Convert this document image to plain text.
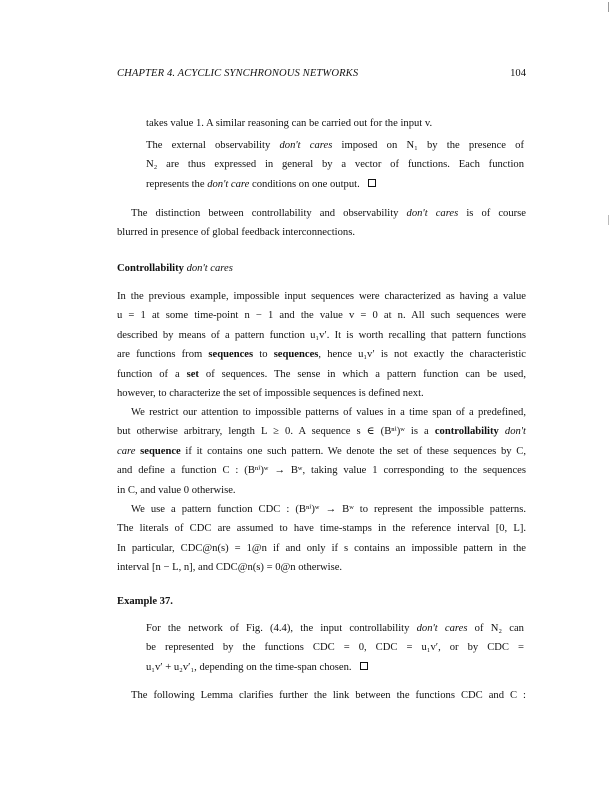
CHAPTER 4. ACYCLIC SYNCHRONOUS NETWORKS	104
takes value 1. A similar reasoning can be carried out for the input v.
The external observability don't cares imposed on N₁ by the presence of
N₂ are thus expressed in general by a vector of functions. Each function
represents the don't care conditions on one output.
The distinction between controllability and observability don't cares is of course
blurred in presence of global feedback interconnections.
Controllability don't cares
In the previous example, impossible input sequences were characterized as having a value
u = 1 at some time-point n − 1 and the value v = 0 at n. All such sequences were
described by means of a pattern function u₁v′. It is worth recalling that pattern functions
are functions from sequences to sequences, hence u₁v′ is not exactly the characteristic
function of a set of sequences. The sense in which a pattern function can be used,
however, to characterize the set of impossible sequences is defined next.
We restrict our attention to impossible patterns of values in a time span of a predefined,
but otherwise arbitrary, length L ≥ 0. A sequence s ∈ (Bⁿⁱ)ʷ is a controllability don't
care sequence if it contains one such pattern. We denote the set of these sequences by C,
and define a function C : (Bⁿⁱ)ʷ → Bʷ, taking value 1 corresponding to the sequences
in C, and value 0 otherwise.
We use a pattern function CDC : (Bⁿⁱ)ʷ → Bʷ to represent the impossible patterns.
The literals of CDC are assumed to have time-stamps in the reference interval [0, L].
In particular, CDC@n(s) = 1@n if and only if s contains an impossible pattern in the
interval [n − L, n], and CDC@n(s) = 0@n otherwise.
Example 37.
For the network of Fig. (4.4), the input controllability don't cares of N₂ can
be represented by the functions CDC = 0, CDC = u₁v′, or by CDC =
u₁v′ + u₂v′₁, depending on the time-span chosen.
The following Lemma clarifies further the link between the functions CDC and C :
